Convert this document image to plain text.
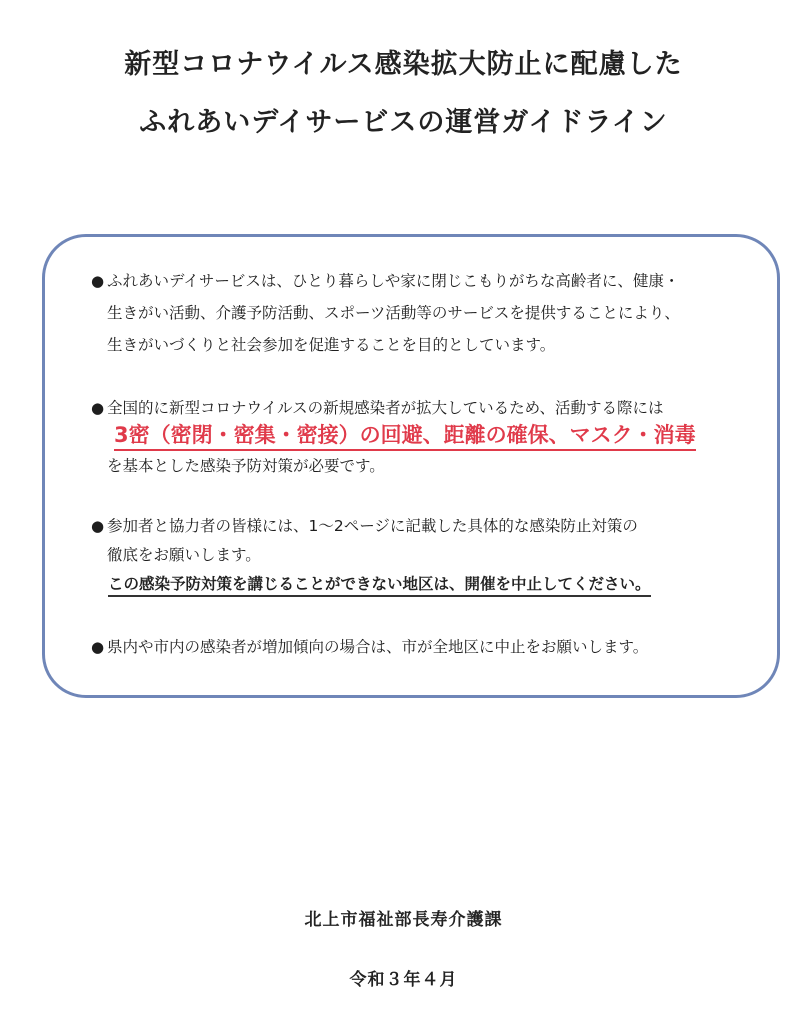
新型コロナウイルス感染拡大防止に配慮した
ふれあいデイサービスの運営ガイドライン
● ふれあいデイサービスは、ひとり暮らしや家に閉じこもりがちな高齢者に、健康・
生きがい活動、介護予防活動、スポーツ活動等のサービスを提供することにより、
生きがいづくりと社会参加を促進することを目的としています。
● 全国的に新型コロナウイルスの新規感染者が拡大しているため、活動する際には
3密（密閉・密集・密接）の回避、距離の確保、マスク・消毒
を基本とした感染予防対策が必要です。
● 参加者と協力者の皆様には、1～2ページに記載した具体的な感染防止対策の
徹底をお願いします。
この感染予防対策を講じることができない地区は、開催を中止してください。
● 県内や市内の感染者が増加傾向の場合は、市が全地区に中止をお願いします。
北上市福祉部長寿介護課
令和３年４月
